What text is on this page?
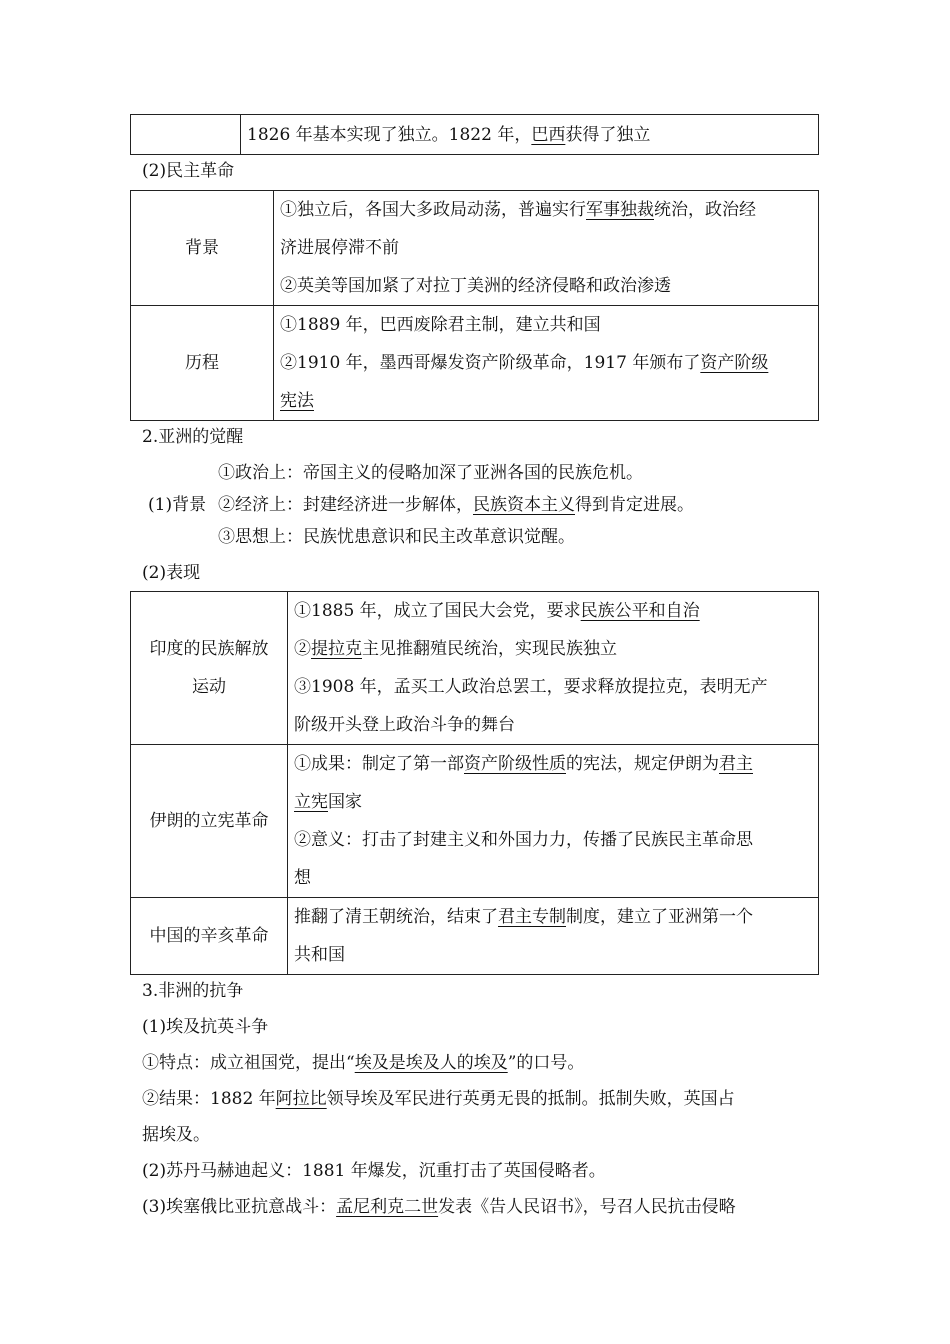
	1826 年基本实现了独立。1822 年，巴西获得了独立
(2)民主革命
背景	①独立后，各国大多政局动荡，普遍实行军事独裁统治，政治经
济进展停滞不前
②英美等国加紧了对拉丁美洲的经济侵略和政治渗透

历程	①1889 年，巴西废除君主制，建立共和国
②1910 年，墨西哥爆发资产阶级革命，1917 年颁布了资产阶级
宪法
2.亚洲的觉醒
(1)背景
①政治上：帝国主义的侵略加深了亚洲各国的民族危机。
②经济上：封建经济进一步解体，民族资本主义得到肯定进展。
③思想上：民族忧患意识和民主改革意识觉醒。
(2)表现
印度的民族解放
运动	①1885 年，成立了国民大会党，要求民族公平和自治
②提拉克主见推翻殖民统治，实现民族独立
③1908 年，孟买工人政治总罢工，要求释放提拉克，表明无产
阶级开头登上政治斗争的舞台

伊朗的立宪革命	①成果：制定了第一部资产阶级性质的宪法，规定伊朗为君主
立宪国家
②意义：打击了封建主义和外国力力，传播了民族民主革命思
想

中国的辛亥革命	推翻了清王朝统治，结束了君主专制制度，建立了亚洲第一个
共和国
3.非洲的抗争
(1)埃及抗英斗争
①特点：成立祖国党，提出“埃及是埃及人的埃及”的口号。
②结果：1882 年阿拉比领导埃及军民进行英勇无畏的抵制。抵制失败，英国占
据埃及。
(2)苏丹马赫迪起义：1881 年爆发，沉重打击了英国侵略者。
(3)埃塞俄比亚抗意战斗：孟尼利克二世发表《告人民诏书》，号召人民抗击侵略
